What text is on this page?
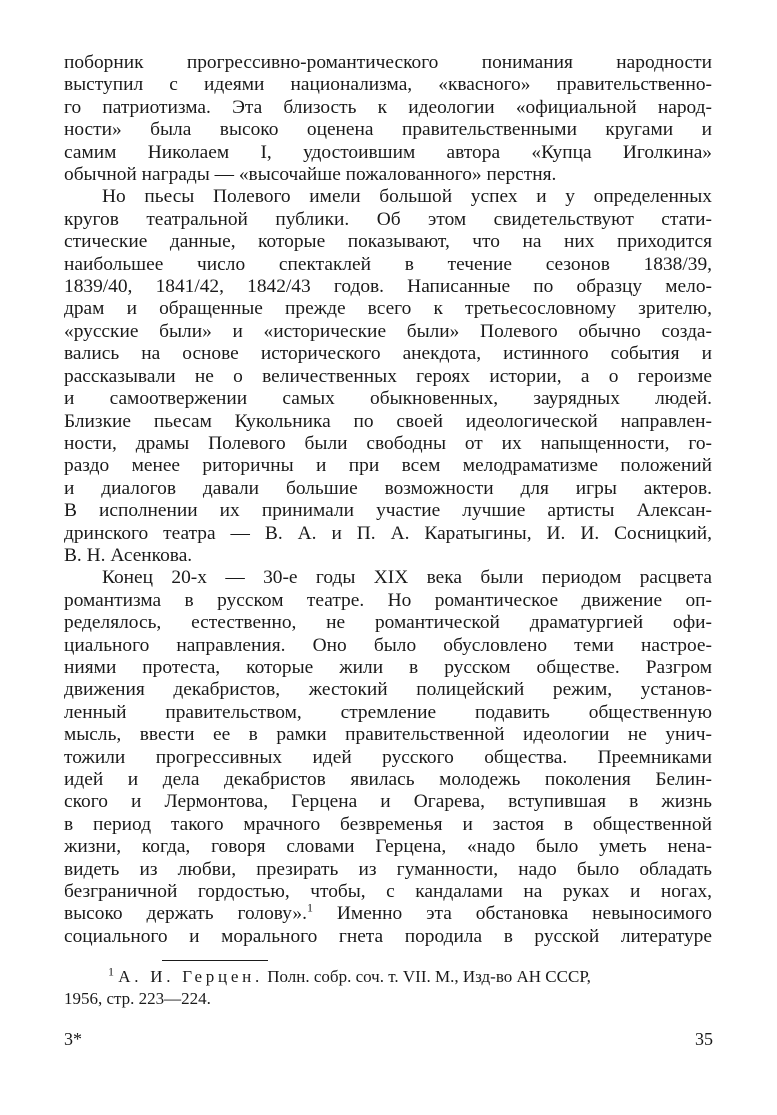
поборник прогрессивно-романтического понимания народности
выступил с идеями национализма, «квасного» правительственно-
го патриотизма. Эта близость к идеологии «официальной народ-
ности» была высоко оценена правительственными кругами и
самим Николаем I, удостоившим автора «Купца Иголкина»
обычной награды — «высочайше пожалованного» перстня.
Но пьесы Полевого имели большой успех и у определенных
кругов театральной публики. Об этом свидетельствуют стати-
стические данные, которые показывают, что на них приходится
наибольшее число спектаклей в течение сезонов 1838/39,
1839/40, 1841/42, 1842/43 годов. Написанные по образцу мело-
драм и обращенные прежде всего к третьесословному зрителю,
«русские были» и «исторические были» Полевого обычно созда-
вались на основе исторического анекдота, истинного события и
рассказывали не о величественных героях истории, а о героизме
и самоотвержении самых обыкновенных, заурядных людей.
Близкие пьесам Кукольника по своей идеологической направлен-
ности, драмы Полевого были свободны от их напыщенности, го-
раздо менее риторичны и при всем мелодраматизме положений
и диалогов давали большие возможности для игры актеров.
В исполнении их принимали участие лучшие артисты Алексан-
дринского театра — В. А. и П. А. Каратыгины, И. И. Сосницкий,
В. Н. Асенкова.
Конец 20-х — 30-е годы XIX века были периодом расцвета
романтизма в русском театре. Но романтическое движение оп-
ределялось, естественно, не романтической драматургией офи-
циального направления. Оно было обусловлено теми настрое-
ниями протеста, которые жили в русском обществе. Разгром
движения декабристов, жестокий полицейский режим, установ-
ленный правительством, стремление подавить общественную
мысль, ввести ее в рамки правительственной идеологии не унич-
тожили прогрессивных идей русского общества. Преемниками
идей и дела декабристов явилась молодежь поколения Белин-
ского и Лермонтова, Герцена и Огарева, вступившая в жизнь
в период такого мрачного безвременья и застоя в общественной
жизни, когда, говоря словами Герцена, «надо было уметь нена-
видеть из любви, презирать из гуманности, надо было обладать
безграничной гордостью, чтобы, с кандалами на руках и ногах,
высоко держать голову».$^1$ Именно эта обстановка невыносимого
социального и морального гнета породила в русской литературе
$^1$ А. И. Герцен. Полн. собр. соч. т. VII. М., Изд-во АН СССР,
1956, стр. 223—224.
3*	35
